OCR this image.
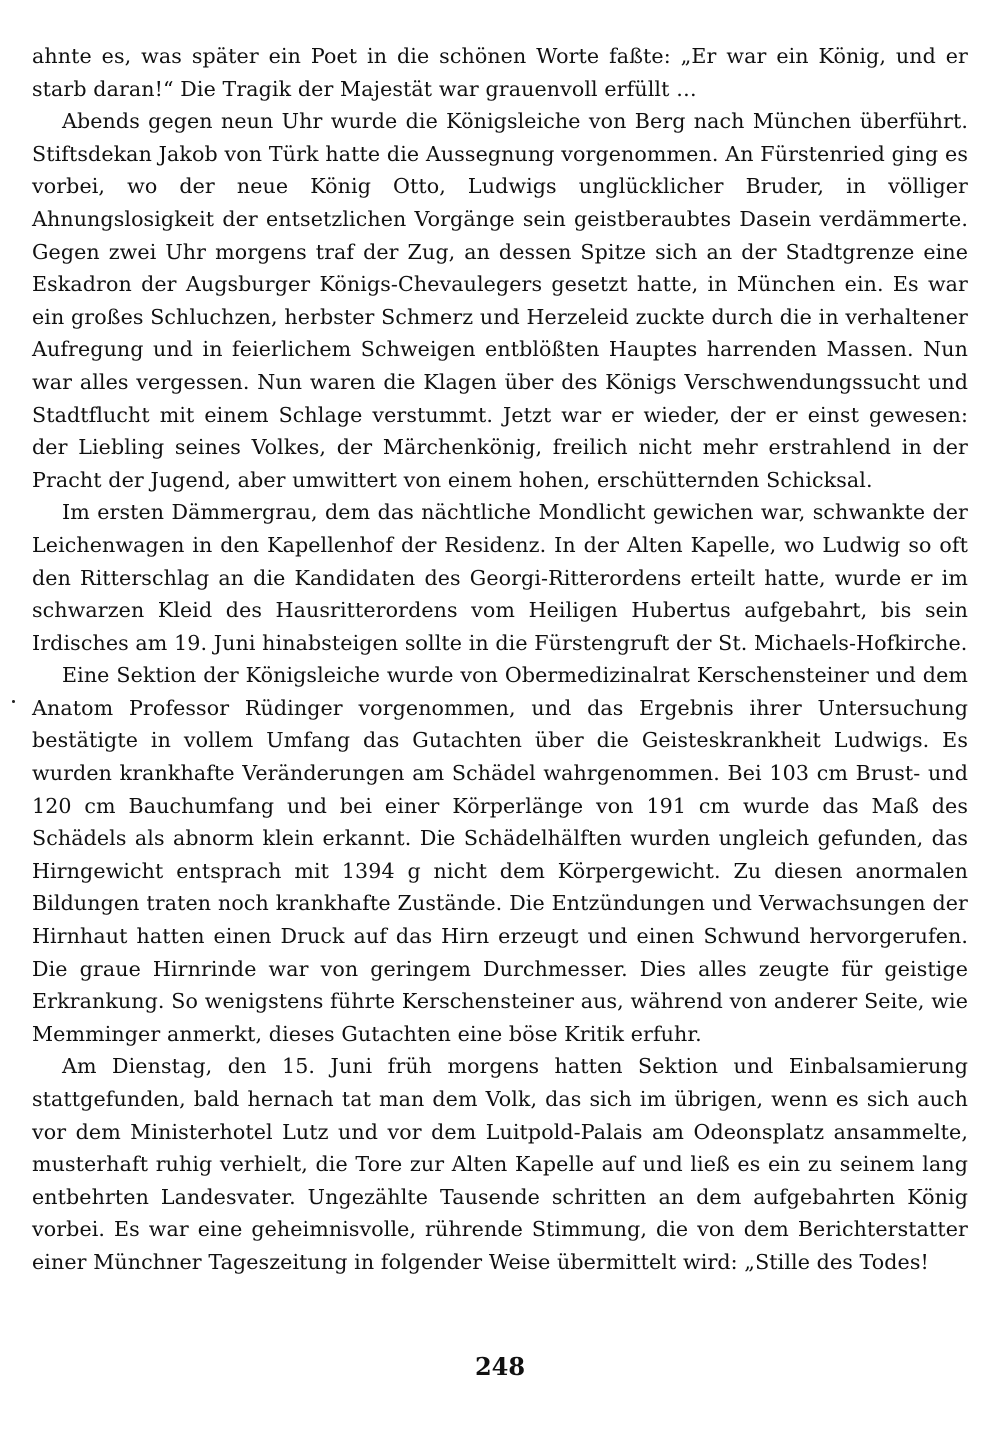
ahnte es, was später ein Poet in die schönen Worte faßte: „Er war ein König, und er starb daran!“ Die Tragik der Majestät war grauenvoll erfüllt …

Abends gegen neun Uhr wurde die Königsleiche von Berg nach München überführt. Stiftsdekan Jakob von Türk hatte die Aussegnung vorgenommen. An Fürstenried ging es vorbei, wo der neue König Otto, Ludwigs unglücklicher Bruder, in völliger Ahnungslosigkeit der entsetzlichen Vorgänge sein geistberaubtes Dasein verdämmerte. Gegen zwei Uhr morgens traf der Zug, an dessen Spitze sich an der Stadtgrenze eine Eskadron der Augsburger Königs-Chevaulegers gesetzt hatte, in München ein. Es war ein großes Schluchzen, herbster Schmerz und Herzeleid zuckte durch die in verhaltener Aufregung und in feierlichem Schweigen entblößten Hauptes harrenden Massen. Nun war alles vergessen. Nun waren die Klagen über des Königs Verschwendungssucht und Stadtflucht mit einem Schlage verstummt. Jetzt war er wieder, der er einst gewesen: der Liebling seines Volkes, der Märchenkönig, freilich nicht mehr erstrahlend in der Pracht der Jugend, aber umwittert von einem hohen, erschütternden Schicksal.

Im ersten Dämmergrau, dem das nächtliche Mondlicht gewichen war, schwankte der Leichenwagen in den Kapellenhof der Residenz. In der Alten Kapelle, wo Ludwig so oft den Ritterschlag an die Kandidaten des Georgi-Ritterordens erteilt hatte, wurde er im schwarzen Kleid des Hausritterordens vom Heiligen Hubertus aufgebahrt, bis sein Irdisches am 19. Juni hinabsteigen sollte in die Fürstengruft der St. Michaels-Hofkirche.

Eine Sektion der Königsleiche wurde von Obermedizinalrat Kerschensteiner und dem Anatom Professor Rüdinger vorgenommen, und das Ergebnis ihrer Untersuchung bestätigte in vollem Umfang das Gutachten über die Geisteskrankheit Ludwigs. Es wurden krankhafte Veränderungen am Schädel wahrgenommen. Bei 103 cm Brust- und 120 cm Bauchumfang und bei einer Körperlänge von 191 cm wurde das Maß des Schädels als abnorm klein erkannt. Die Schädelhälften wurden ungleich gefunden, das Hirngewicht entsprach mit 1394 g nicht dem Körpergewicht. Zu diesen anormalen Bildungen traten noch krankhafte Zustände. Die Entzündungen und Verwachsungen der Hirnhaut hatten einen Druck auf das Hirn erzeugt und einen Schwund hervorgerufen. Die graue Hirnrinde war von geringem Durchmesser. Dies alles zeugte für geistige Erkrankung. So wenigstens führte Kerschensteiner aus, während von anderer Seite, wie Memminger anmerkt, dieses Gutachten eine böse Kritik erfuhr.

Am Dienstag, den 15. Juni früh morgens hatten Sektion und Einbalsamierung stattgefunden, bald hernach tat man dem Volk, das sich im übrigen, wenn es sich auch vor dem Ministerhotel Lutz und vor dem Luitpold-Palais am Odeonsplatz ansammelte, musterhaft ruhig verhielt, die Tore zur Alten Kapelle auf und ließ es ein zu seinem lang entbehrten Landesvater. Ungezählte Tausende schritten an dem aufgebahrten König vorbei. Es war eine geheimnisvolle, rührende Stimmung, die von dem Berichterstatter einer Münchner Tageszeitung in folgender Weise übermittelt wird: „Stille des Todes!

248
